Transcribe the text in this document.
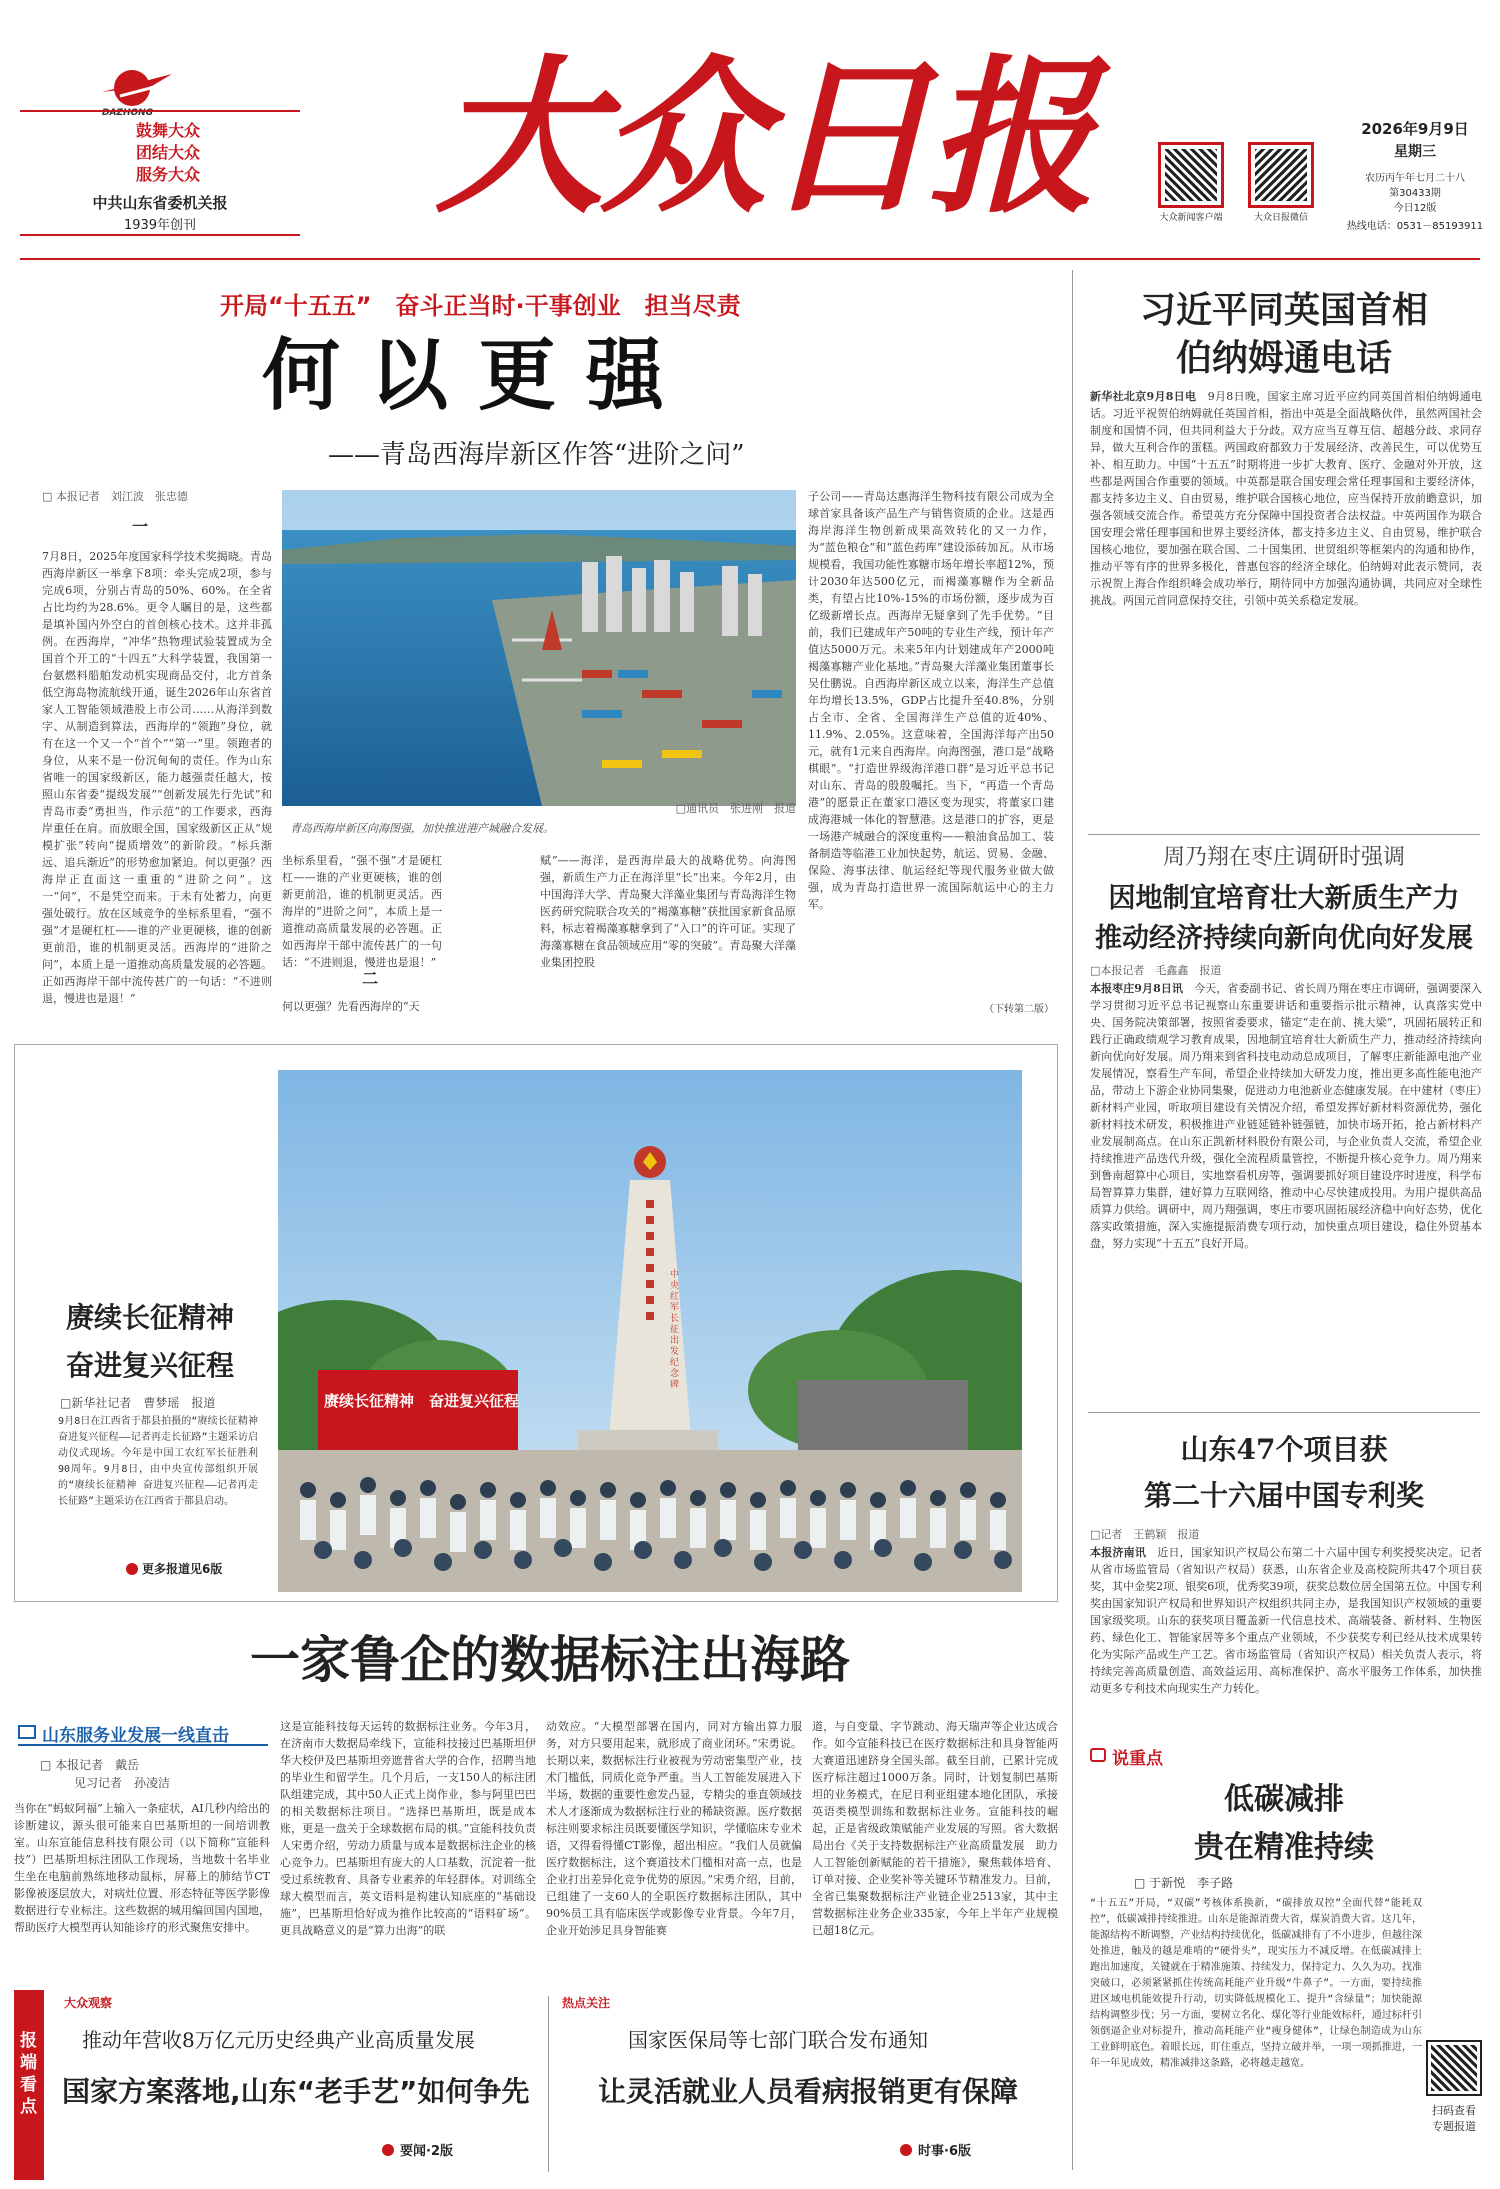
DAZHONG
鼓舞大众
团结大众
服务大众
中共山东省委机关报
1939年创刊	大众日报	大众新闻客户端	大众日报微信
2026年9月9日
星期三
农历丙午年七月二十八
第30433期
今日12版
热线电话：0531－85193911
开局“十五五”　奋斗正当时·干事创业　担当尽责
何以更强
——青岛西海岸新区作答“进阶之问”
□ 本报记者　刘江波　张忠德
一
7月8日，2025年度国家科学技术奖揭晓。青岛西海岸新区一举拿下8项：牵头完成2项，参与完成6项，分别占青岛的50%、60%。在全省占比均约为28.6%。更令人瞩目的是，这些都是填补国内外空白的首创核心技术。这并非孤例。在西海岸，“冲华”热物理试验装置成为全国首个开工的“十四五”大科学装置，我国第一台氨燃料船舶发动机实现商品交付，北方首条低空海岛物流航线开通，诞生2026年山东省首家人工智能领域港股上市公司……从海洋到数字、从制造到算法，西海岸的“领跑”身位，就有在这一个又一个“首个”“第一”里。领跑者的身位，从来不是一份沉甸甸的责任。作为山东省唯一的国家级新区，能力越强责任越大，按照山东省委“提级发展”“创新发展先行先试”和青岛市委“勇担当，作示范”的工作要求，西海岸重任在肩。而放眼全国，国家级新区正从“规模扩张”转向“提质增效”的新阶段。“标兵渐远、追兵渐近”的形势愈加紧迫。何以更强？西海岸正直面这一重重的“进阶之问”。这一“问”，不是凭空而来。于未有处蓄力，向更强处破行。放在区域竞争的坐标系里看，“强不强”才是硬杠杠——谁的产业更硬核，谁的创新更前沿，谁的机制更灵活。西海岸的“进阶之问”，本质上是一道推动高质量发展的必答题。正如西海岸干部中流传甚广的一句话：“不进则退，慢进也是退！”
青岛西海岸新区向海图强，加快推进港产城融合发展。
□通讯员　张进刚　报道
子公司——青岛达惠海洋生物科技有限公司成为全球首家具备该产品生产与销售资质的企业。这是西海岸海洋生物创新成果高效转化的又一力作，为“蓝色粮仓”和“蓝色药库”建设添砖加瓦。从市场规模看，我国功能性寡糖市场年增长率超12%，预计2030年达500亿元，而褐藻寡糖作为全新品类，有望占比10%-15%的市场份额，逐步成为百亿级新增长点。西海岸无疑拿到了先手优势。“目前，我们已建成年产50吨的专业生产线，预计年产值达5000万元。未来5年内计划建成年产2000吨褐藻寡糖产业化基地。”青岛聚大洋藻业集团董事长吴仕鹏说。自西海岸新区成立以来，海洋生产总值年均增长13.5%，GDP占比提升至40.8%，分别占全市、全省、全国海洋生产总值的近40%、11.9%、2.05%。这意味着，全国海洋每产出50元，就有1元来自西海岸。向海图强，港口是“战略棋眼”。“打造世界级海洋港口群”是习近平总书记对山东、青岛的殷殷嘱托。当下，“再造一个青岛港”的愿景正在董家口港区变为现实，将董家口建成海港城一体化的智慧港。这是港口的扩容，更是一场港产城融合的深度重构——粮油食品加工、装备制造等临港工业加快起势，航运、贸易、金融、保险、海事法律、航运经纪等现代服务业做大做强，成为青岛打造世界一流国际航运中心的主力军。
坐标系里看，“强不强”才是硬杠杠——谁的产业更硬核，谁的创新更前沿，谁的机制更灵活。西海岸的“进阶之问”，本质上是一道推动高质量发展的必答题。正如西海岸干部中流传甚广的一句话：“不进则退，慢进也是退！”
二
何以更强？先看西海岸的“天
赋”——海洋，是西海岸最大的战略优势。向海图强，新质生产力正在海洋里“长”出来。今年2月，由中国海洋大学、青岛聚大洋藻业集团与青岛海洋生物医药研究院联合攻关的“褐藻寡糖”获批国家新食品原料，标志着褐藻寡糖拿到了“入口”的许可证。实现了海藻寡糖在食品领域应用“零的突破”。青岛聚大洋藻业集团控股
（下转第二版）
习近平同英国首相
伯纳姆通电话
新华社北京9月8日电　 9月8日晚，国家主席习近平应约同英国首相伯纳姆通电话。习近平祝贺伯纳姆就任英国首相，指出中英是全面战略伙伴，虽然两国社会制度和国情不同，但共同利益大于分歧。双方应当互尊互信、超越分歧、求同存异，做大互利合作的蛋糕。两国政府都致力于发展经济、改善民生，可以优势互补、相互助力。中国“十五五”时期将进一步扩大教育、医疗、金融对外开放，这些都是两国合作重要的领域。中英都是联合国安理会常任理事国和主要经济体，都支持多边主义、自由贸易，维护联合国核心地位，应当保持开放前瞻意识，加强各领域交流合作。希望英方充分保障中国投资者合法权益。中英两国作为联合国安理会常任理事国和世界主要经济体，都支持多边主义、自由贸易，维护联合国核心地位，要加强在联合国、二十国集团、世贸组织等框架内的沟通和协作，推动平等有序的世界多极化，普惠包容的经济全球化。伯纳姆对此表示赞同，表示祝贺上海合作组织峰会成功举行，期待同中方加强沟通协调，共同应对全球性挑战。两国元首同意保持交往，引领中英关系稳定发展。
周乃翔在枣庄调研时强调
因地制宜培育壮大新质生产力
推动经济持续向新向优向好发展
□本报记者　毛鑫鑫　报道
本报枣庄9月8日讯　 今天，省委副书记、省长周乃翔在枣庄市调研，强调要深入学习贯彻习近平总书记视察山东重要讲话和重要指示批示精神，认真落实党中央、国务院决策部署，按照省委要求，锚定“走在前、挑大梁”，巩固拓展转正和践行正确政绩观学习教育成果，因地制宜培育壮大新质生产力，推动经济持续向新向优向好发展。周乃翔来到省科技电动动总成项目，了解枣庄新能源电池产业发展情况，察看生产车间，希望企业持续加大研发力度，推出更多高性能电池产品，带动上下游企业协同集聚，促进动力电池新业态健康发展。在中建材（枣庄）新材料产业园，听取项目建设有关情况介绍，希望发挥好新材料资源优势，强化新材料技术研发，积极推进产业链延链补链强链，加快市场开拓，抢占新材料产业发展制高点。在山东正凯新材料股份有限公司，与企业负责人交流，希望企业持续推进产品迭代升级，强化全流程质量管控，不断提升核心竞争力。周乃翔来到鲁南超算中心项目，实地察看机房等，强调要抓好项目建设序时进度，科学布局智算算力集群，建好算力互联网络，推动中心尽快建成投用。为用户提供高品质算力供给。调研中，周乃翔强调，枣庄市要巩固拓展经济稳中向好态势，优化落实政策措施，深入实施提振消费专项行动，加快重点项目建设，稳住外贸基本盘，努力实现“十五五”良好开局。
山东47个项目获
第二十六届中国专利奖
□记者　王鹤颖　报道
本报济南讯　 近日，国家知识产权局公布第二十六届中国专利奖授奖决定。记者从省市场监管局（省知识产权局）获悉，山东省企业及高校院所共47个项目获奖，其中金奖2项、银奖6项，优秀奖39项，获奖总数位居全国第五位。中国专利奖由国家知识产权局和世界知识产权组织共同主办，是我国知识产权领域的重要国家级奖项。山东的获奖项目覆盖新一代信息技术、高端装备、新材料、生物医药、绿色化工、智能家居等多个重点产业领域，不少获奖专利已经从技术成果转化为实际产品或生产工艺。省市场监管局（省知识产权局）相关负责人表示，将持续完善高质量创造、高效益运用、高标准保护、高水平服务工作体系，加快推动更多专利技术向现实生产力转化。
说重点
低碳减排
贵在精准持续
□ 于新悦　李子路
“十五五”开局，“双碳”考核体系换新，“碳排放双控”全面代替“能耗双控”，低碳减排持续推进。山东是能源消费大省，煤炭消费大省。这几年，能源结构不断调整，产业结构持续优化，低碳减排有了不小进步，但越往深处推进，触及的越是难啃的“硬骨头”，现实压力不减反增。在低碳减排上跑出加速度，关键就在于精准施策、持续发力，保持定力、久久为功。找准突破口，必须紧紧抓住传统高耗能产业升级“牛鼻子”。一方面，要持续推进区域电机能效提升行动，切实降低规模化工、提升“含绿量”；加快能源结构调整步伐；另一方面，要树立名化、煤化等行业能效标杆，通过标杆引领倒逼企业对标提升，推动高耗能产业“瘦身健体”，让绿色制造成为山东工业鲜明底色。着眼长远，盯住重点，坚持立破并举，一项一项抓推进，一年一年见成效，精准减排这条路，必将越走越宽。
扫码查看
专题报道
赓续长征精神
奋进复兴征程
□新华社记者　曹梦瑶　报道
9月8日在江西省于都县拍摄的“赓续长征精神 奋进复兴征程——记者再走长征路”主题采访启动仪式现场。今年是中国工农红军长征胜利90周年。9月8日，由中央宣传部组织开展的“赓续长征精神 奋进复兴征程——记者再走长征路”主题采访在江西省于都县启动。
更多报道见6版
赓续长征精神　奋进复兴征程
中央红军长征出发纪念碑
一家鲁企的数据标注出海路
山东服务业发展一线直击
□ 本报记者　戴岳
见习记者　孙凌洁
当你在“蚂蚁阿福”上输入一条症状，AI几秒内给出的诊断建议，源头很可能来自巴基斯坦的一间培训教室。山东宣能信息科技有限公司（以下简称“宣能科技”）巴基斯坦标注团队工作现场，当地数十名毕业生坐在电脑前熟练地移动鼠标，屏幕上的肺结节CT影像被逐层放大，对病灶位置、形态特征等医学影像数据进行专业标注。这些数据的城用编回国内国地，帮助医疗大模型再认知能诊疗的形式聚焦安排中。
这是宣能科技每天运转的数据标注业务。今年3月，在济南市大数据局牵线下，宣能科技接过巴基斯坦伊华大校伊及巴基斯坦旁遮普省大学的合作，招聘当地的毕业生和留学生。几个月后，一支150人的标注团队组建完成，其中50人正式上岗作业，参与阿里巴巴的相关数据标注项目。“选择巴基斯坦，既是成本账，更是一盘关于全球数据布局的棋。”宣能科技负责人宋勇介绍，劳动力质量与成本是数据标注企业的核心竞争力。巴基斯坦有庞大的人口基数，沉淀着一批受过系统教育、具备专业素养的年轻群体。对训练全球大模型而言，英文语料是构建认知底座的“基础设施”，巴基斯坦恰好成为推作比较高的“语料矿场”。更具战略意义的是“算力出海”的联
动效应。“大模型部署在国内，同对方输出算力服务，对方只要用起来，就形成了商业闭环。”宋勇说。长期以来，数据标注行业被视为劳动密集型产业，技术门槛低，同质化竞争严重。当人工智能发展进入下半场，数据的重要性愈发凸显，专精尖的垂直领域技术人才逐渐成为数据标注行业的稀缺资源。医疗数据标注则要求标注员既要懂医学知识，学懂临床专业术语，又得看得懂CT影像，超出相应。“我们人员就偏医疗数据标注，这个赛道技术门槛相对高一点，也是企业打出差异化竞争优势的原因。”宋勇介绍，目前，已组建了一支60人的全职医疗数据标注团队，其中90%员工具有临床医学或影像专业背景。今年7月，企业开始涉足具身智能赛
道，与自变量、字节跳动、海天瑞声等企业达成合作。如今宣能科技已在医疗数据标注和具身智能两大赛道迅速跻身全国头部。截至目前，已累计完成医疗标注超过1000万条。同时，计划复制巴基斯坦的业务模式，在尼日利亚组建本地化团队，承接英语类模型训练和数据标注业务。宣能科技的崛起，正是省级政策赋能产业发展的写照。省大数据局出台《关于支持数据标注产业高质量发展　助力人工智能创新赋能的若干措施》，聚焦载体培育、订单对接、企业奖补等关键环节精准发力。目前，全省已集聚数据标注产业链企业2513家，其中主营数据标注业务企业335家，今年上半年产业规模已超18亿元。
报端看点
大众观察
推动年营收8万亿元历史经典产业高质量发展
国家方案落地,山东“老手艺”如何争先
要闻·2版
热点关注
国家医保局等七部门联合发布通知
让灵活就业人员看病报销更有保障
时事·6版
